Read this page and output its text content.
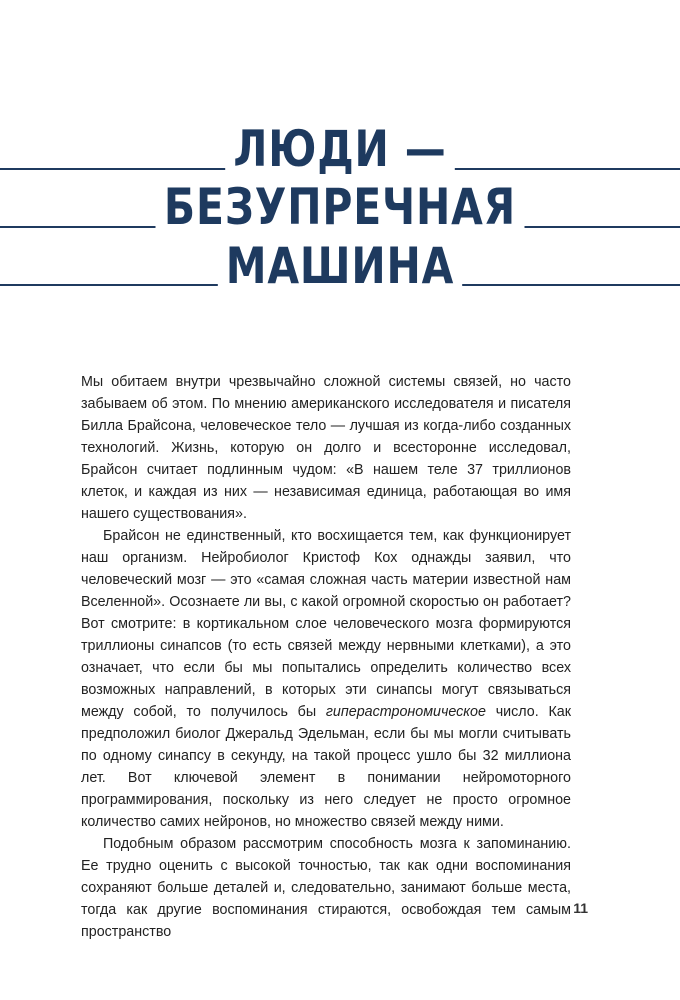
ЛЮДИ —
БЕЗУПРЕЧНАЯ
МАШИНА

Мы обитаем внутри чрезвычайно сложной системы связей, но часто забываем об этом. По мнению американского исследователя и писателя Билла Брайсона, человеческое тело — лучшая из когда-либо созданных технологий. Жизнь, которую он долго и всесторонне исследовал, Брайсон считает подлинным чудом: «В нашем теле 37 триллионов клеток, и каждая из них — независимая единица, работающая во имя нашего существования».

Брайсон не единственный, кто восхищается тем, как функционирует наш организм. Нейробиолог Кристоф Кох однажды заявил, что человеческий мозг — это «самая сложная часть материи известной нам Вселенной». Осознаете ли вы, с какой огромной скоростью он работает? Вот смотрите: в кортикальном слое человеческого мозга формируются триллионы синапсов (то есть связей между нервными клетками), а это означает, что если бы мы попытались определить количество всех возможных направлений, в которых эти синапсы могут связываться между собой, то получилось бы гиперастрономическое число. Как предположил биолог Джеральд Эдельман, если бы мы могли считывать по одному синапсу в секунду, на такой процесс ушло бы 32 миллиона лет. Вот ключевой элемент в понимании нейромоторного программирования, поскольку из него следует не просто огромное количество самих нейронов, но множество связей между ними.

Подобным образом рассмотрим способность мозга к запоминанию. Ее трудно оценить с высокой точностью, так как одни воспоминания сохраняют больше деталей и, следовательно, занимают больше места, тогда как другие воспоминания стираются, освобождая тем самым пространство

11
